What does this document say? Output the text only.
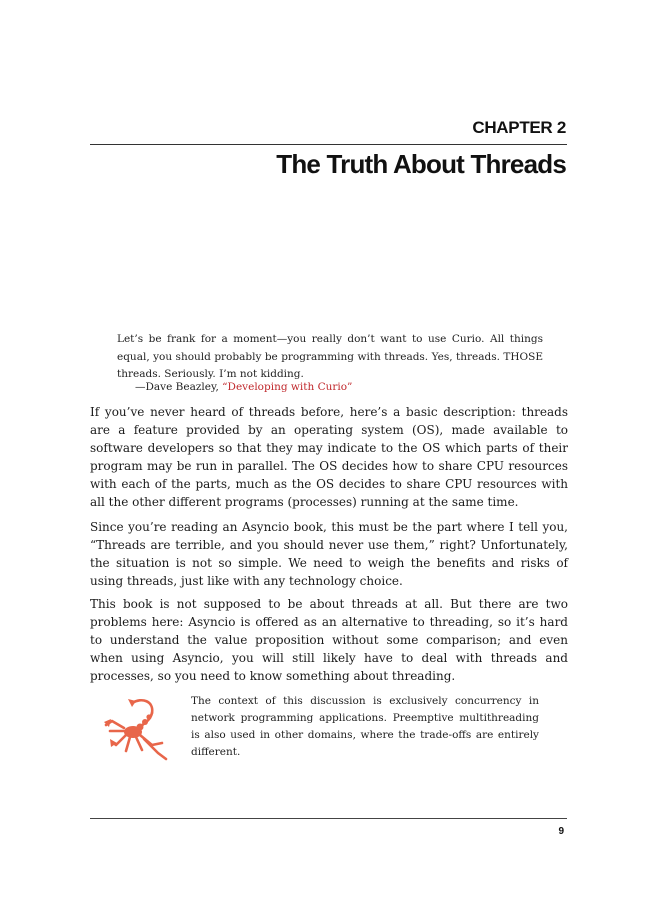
CHAPTER 2
The Truth About Threads

Let’s be frank for a moment—you really don’t want to use Curio. All things equal, you should probably be programming with threads. Yes, threads. THOSE threads. Seriously. I’m not kidding.

—Dave Beazley, “Developing with Curio”

If you’ve never heard of threads before, here’s a basic description: threads are a feature provided by an operating system (OS), made available to software developers so that they may indicate to the OS which parts of their program may be run in parallel. The OS decides how to share CPU resources with each of the parts, much as the OS decides to share CPU resources with all the other different programs (processes) running at the same time.

Since you’re reading an Asyncio book, this must be the part where I tell you, “Threads are terrible, and you should never use them,” right? Unfortunately, the situation is not so simple. We need to weigh the benefits and risks of using threads, just like with any technology choice.

This book is not supposed to be about threads at all. But there are two problems here: Asyncio is offered as an alternative to threading, so it’s hard to understand the value proposition without some comparison; and even when using Asyncio, you will still likely have to deal with threads and processes, so you need to know something about threading.

The context of this discussion is exclusively concurrency in network programming applications. Preemptive multithreading is also used in other domains, where the trade-offs are entirely different.

9
